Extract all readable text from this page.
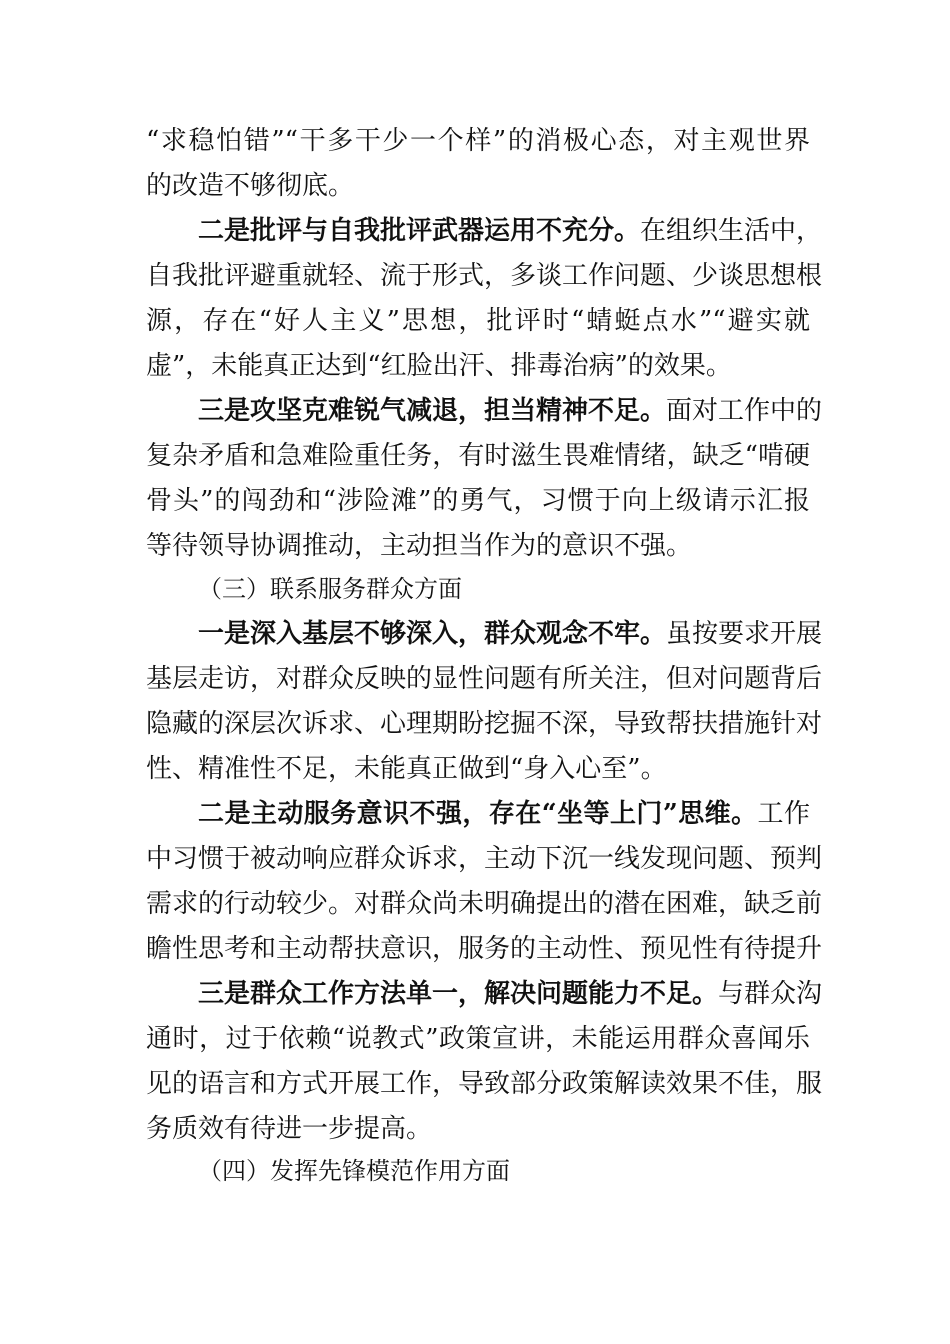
“求稳怕错”“干多干少一个样”的消极心态，对主观世界
的改造不够彻底。
二是批评与自我批评武器运用不充分。在组织生活中，
自我批评避重就轻、流于形式，多谈工作问题、少谈思想根
源，存在“好人主义”思想，批评时“蜻蜓点水”“避实就
虚”，未能真正达到“红脸出汗、排毒治病”的效果。
三是攻坚克难锐气减退，担当精神不足。面对工作中的
复杂矛盾和急难险重任务，有时滋生畏难情绪，缺乏“啃硬
骨头”的闯劲和“涉险滩”的勇气，习惯于向上级请示汇报
等待领导协调推动，主动担当作为的意识不强。
（三）联系服务群众方面
一是深入基层不够深入，群众观念不牢。虽按要求开展
基层走访，对群众反映的显性问题有所关注，但对问题背后
隐藏的深层次诉求、心理期盼挖掘不深，导致帮扶措施针对
性、精准性不足，未能真正做到“身入心至”。
二是主动服务意识不强，存在“坐等上门”思维。工作
中习惯于被动响应群众诉求，主动下沉一线发现问题、预判
需求的行动较少。对群众尚未明确提出的潜在困难，缺乏前
瞻性思考和主动帮扶意识，服务的主动性、预见性有待提升
三是群众工作方法单一，解决问题能力不足。与群众沟
通时，过于依赖“说教式”政策宣讲，未能运用群众喜闻乐
见的语言和方式开展工作，导致部分政策解读效果不佳，服
务质效有待进一步提高。
（四）发挥先锋模范作用方面
